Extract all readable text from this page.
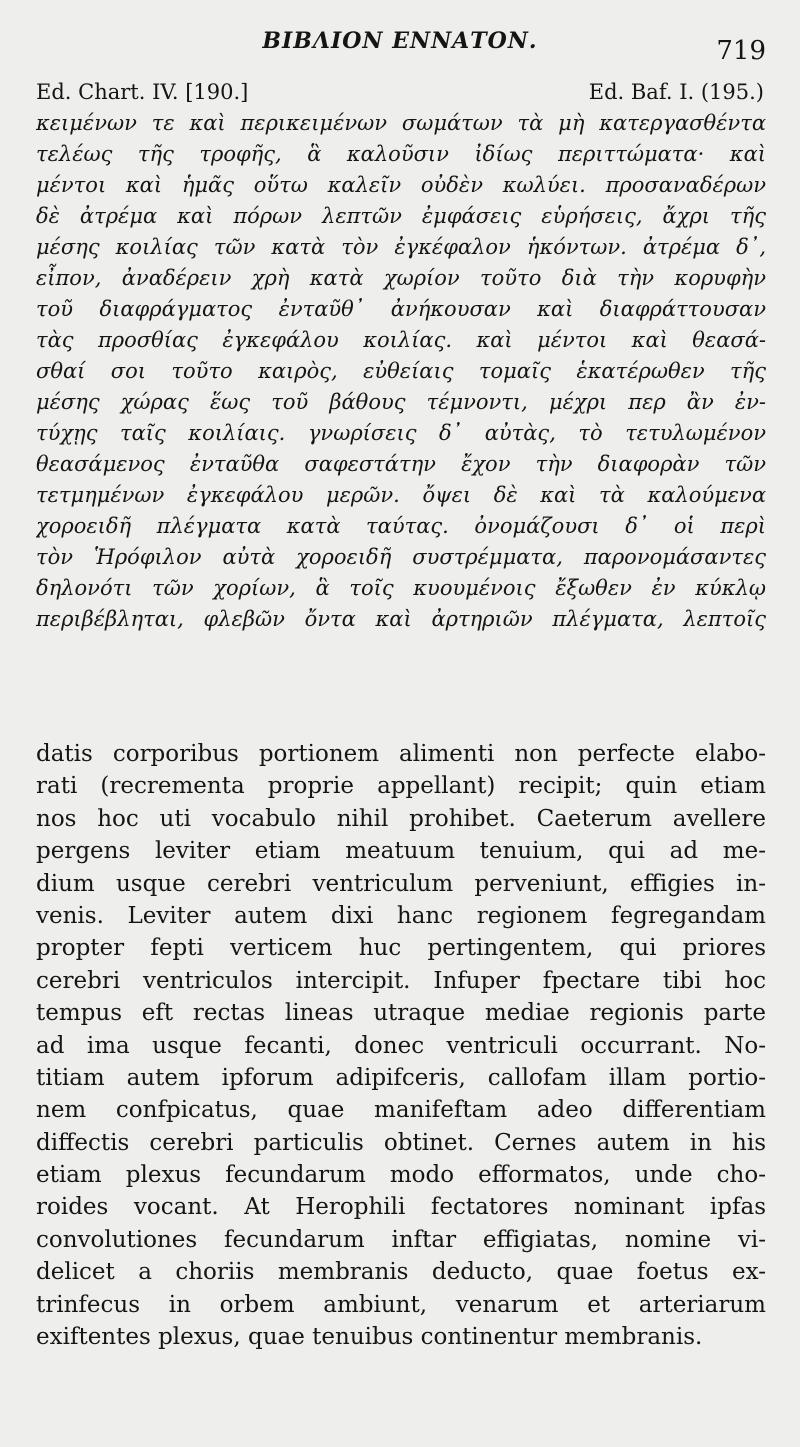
BIBΛΙΟΝ ΕΝΝΑΤΟΝ.	719
Ed. Chart. IV. [190.]	Ed. Baf. I. (195.)
κειμένων τε καὶ περικειμένων σωμάτων τὰ μὴ κατεργασθέντα
τελέως τῆς τροφῆς, ἃ καλοῦσιν ἰδίως περιττώματα· καὶ
μέντοι καὶ ἡμᾶς οὕτω καλεῖν οὐδὲν κωλύει. προσαναδέρων
δὲ ἀτρέμα καὶ πόρων λεπτῶν ἐμφάσεις εὑρήσεις, ἄχρι τῆς
μέσης κοιλίας τῶν κατὰ τὸν ἐγκέφαλον ἡκόντων. ἀτρέμα δ᾽,
εἶπον, ἀναδέρειν χρὴ κατὰ χωρίον τοῦτο διὰ τὴν κορυφὴν
τοῦ διαφράγματος ἐνταῦθ᾽ ἀνήκουσαν καὶ διαφράττουσαν
τὰς προσθίας ἐγκεφάλου κοιλίας. καὶ μέντοι καὶ θεασά-
σθαί σοι τοῦτο καιρὸς, εὐθείαις τομαῖς ἑκατέρωθεν τῆς
μέσης χώρας ἕως τοῦ βάθους τέμνοντι, μέχρι περ ἂν ἐν-
τύχῃς ταῖς κοιλίαις. γνωρίσεις δ᾽ αὐτὰς, τὸ τετυλωμένον
θεασάμενος ἐνταῦθα σαφεστάτην ἔχον τὴν διαφορὰν τῶν
τετμημένων ἐγκεφάλου μερῶν. ὄψει δὲ καὶ τὰ καλούμενα
χοροειδῆ πλέγματα κατὰ ταύτας. ὀνομάζουσι δ᾽ οἱ περὶ
τὸν Ἡρόφιλον αὐτὰ χοροειδῆ συστρέμματα, παρονομάσαντες
δηλονότι τῶν χορίων, ἃ τοῖς κυουμένοις ἔξωθεν ἐν κύκλῳ
περιβέβληται, φλεβῶν ὄντα καὶ ἀρτηριῶν πλέγματα, λεπτοῖς
datis corporibus portionem alimenti non perfecte elabo-
rati (recrementa proprie appellant) recipit; quin etiam
nos hoc uti vocabulo nihil prohibet. Caeterum avellere
pergens leviter etiam meatuum tenuium, qui ad me-
dium usque cerebri ventriculum perveniunt, effigies in-
venis. Leviter autem dixi hanc regionem fegregandam
propter fepti verticem huc pertingentem, qui priores
cerebri ventriculos intercipit. Infuper fpectare tibi hoc
tempus eft rectas lineas utraque mediae regionis parte
ad ima usque fecanti, donec ventriculi occurrant. No-
titiam autem ipforum adipifceris, callofam illam portio-
nem confpicatus, quae manifeftam adeo differentiam
diffectis cerebri particulis obtinet. Cernes autem in his
etiam plexus fecundarum modo efformatos, unde cho-
roides vocant. At Herophili fectatores nominant ipfas
convolutiones fecundarum inftar effigiatas, nomine vi-
delicet a choriis membranis deducto, quae foetus ex-
trinfecus in orbem ambiunt, venarum et arteriarum
exiftentes plexus, quae tenuibus continentur membranis.
